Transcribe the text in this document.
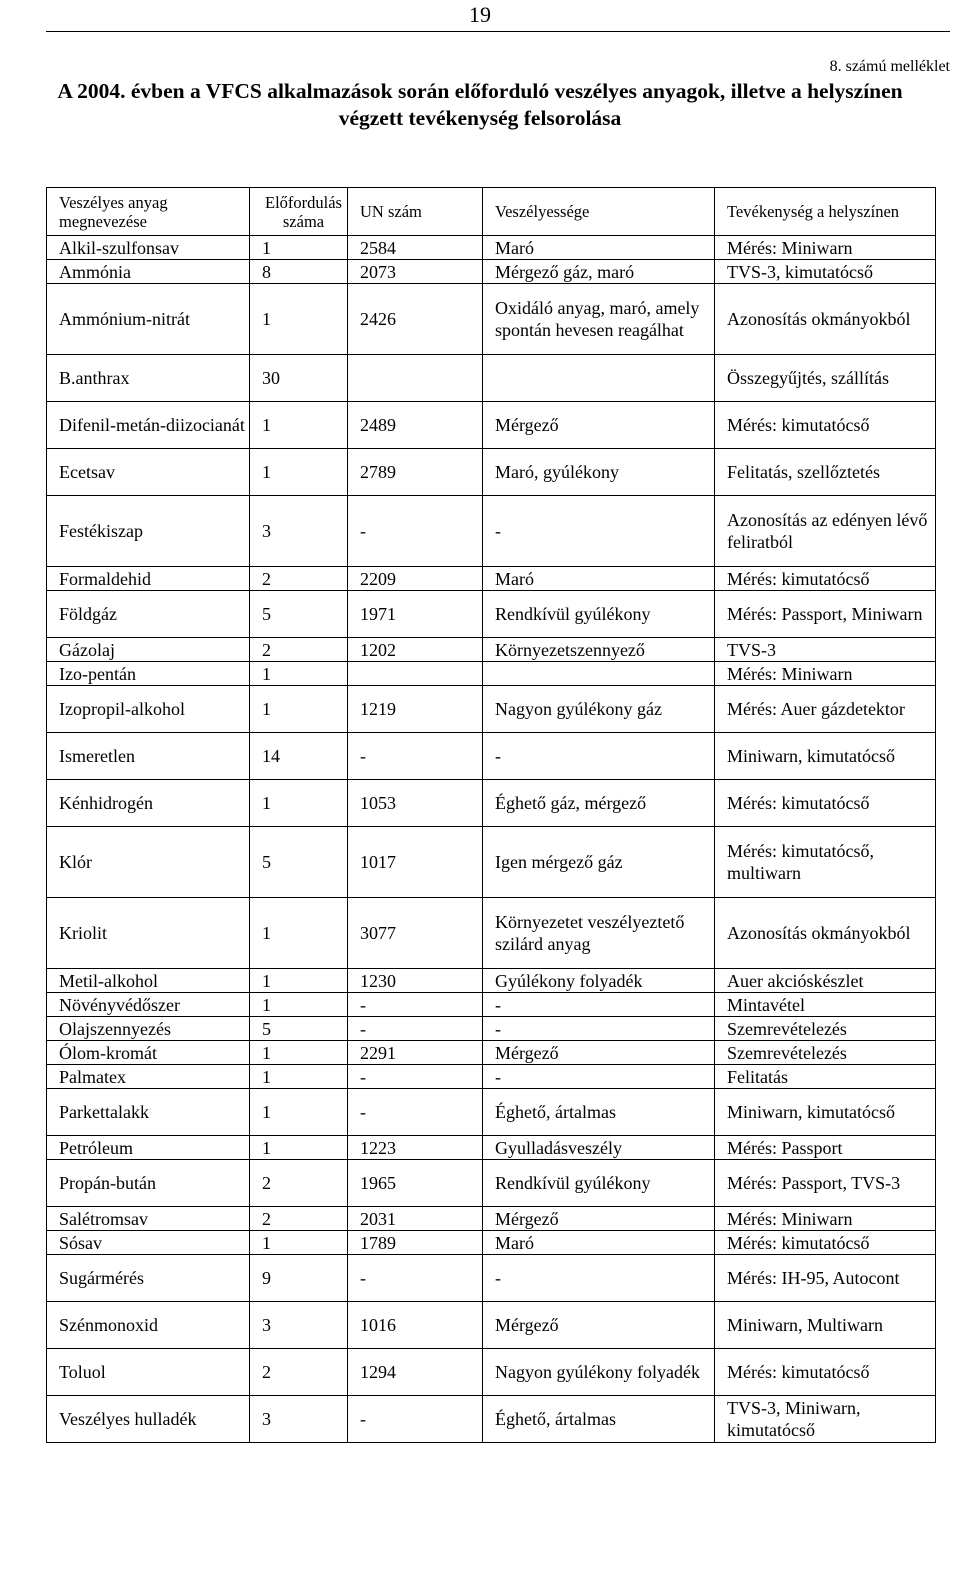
19
8. számú melléklet
A 2004. évben a VFCS alkalmazások során előforduló veszélyes anyagok, illetve a helyszínen végzett tevékenység felsorolása
Veszélyes anyag megnevezése	Előfordulás száma	UN szám	Veszélyessége	Tevékenység a helyszínen
Alkil-szulfonsav	1	2584	Maró	Mérés: Miniwarn
Ammónia	8	2073	Mérgező gáz, maró	TVS-3, kimutatócső
Ammónium-nitrát	1	2426	Oxidáló anyag, maró, amely spontán hevesen reagálhat	Azonosítás okmányokból
B.anthrax	30			Összegyűjtés, szállítás
Difenil-metán-diizocianát	1	2489	Mérgező	Mérés: kimutatócső
Ecetsav	1	2789	Maró, gyúlékony	Felitatás, szellőztetés
Festékiszap	3	-	-	Azonosítás az edényen lévő feliratból
Formaldehid	2	2209	Maró	Mérés: kimutatócső
Földgáz	5	1971	Rendkívül gyúlékony	Mérés: Passport, Miniwarn
Gázolaj	2	1202	Környezetszennyező	TVS-3
Izo-pentán	1			Mérés: Miniwarn
Izopropil-alkohol	1	1219	Nagyon gyúlékony gáz	Mérés: Auer gázdetektor
Ismeretlen	14	-	-	Miniwarn, kimutatócső
Kénhidrogén	1	1053	Éghető gáz, mérgező	Mérés: kimutatócső
Klór	5	1017	Igen mérgező gáz	Mérés: kimutatócső, multiwarn
Kriolit	1	3077	Környezetet veszélyeztető szilárd anyag	Azonosítás okmányokból
Metil-alkohol	1	1230	Gyúlékony folyadék	Auer akcióskészlet
Növényvédőszer	1	-	-	Mintavétel
Olajszennyezés	5	-	-	Szemrevételezés
Ólom-kromát	1	2291	Mérgező	Szemrevételezés
Palmatex	1	-	-	Felitatás
Parkettalakk	1	-	Éghető, ártalmas	Miniwarn, kimutatócső
Petróleum	1	1223	Gyulladásveszély	Mérés: Passport
Propán-bután	2	1965	Rendkívül gyúlékony	Mérés: Passport, TVS-3
Salétromsav	2	2031	Mérgező	Mérés: Miniwarn
Sósav	1	1789	Maró	Mérés: kimutatócső
Sugármérés	9	-	-	Mérés: IH-95, Autocont
Szénmonoxid	3	1016	Mérgező	Miniwarn, Multiwarn
Toluol	2	1294	Nagyon gyúlékony folyadék	Mérés: kimutatócső
Veszélyes hulladék	3	-	Éghető, ártalmas	TVS-3, Miniwarn, kimutatócső
